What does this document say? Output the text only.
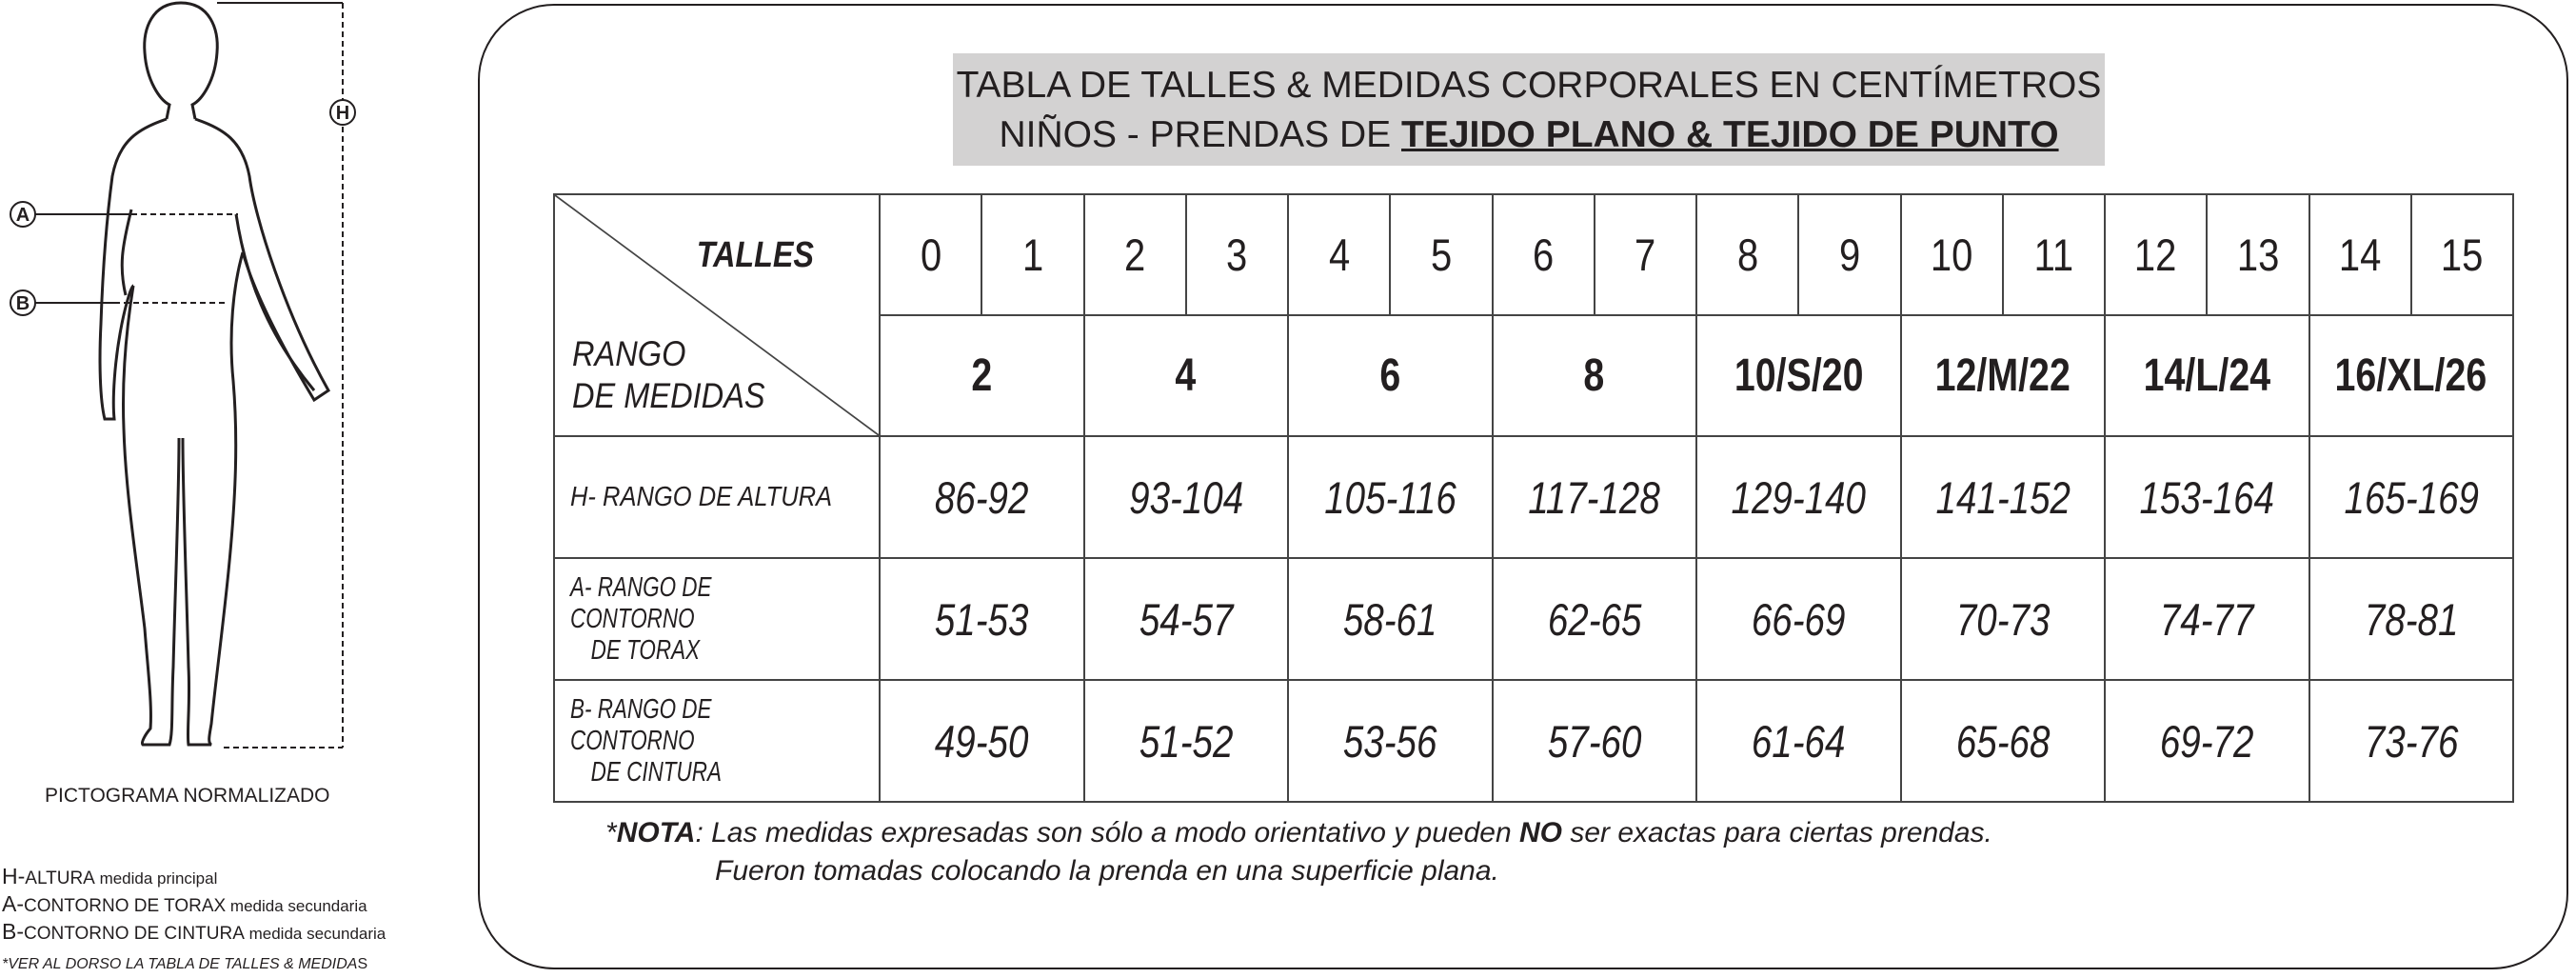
H
A
B
PICTOGRAMA NORMALIZADO
H-ALTURA medida principal
A-CONTORNO DE TORAX medida secundaria
B-CONTORNO DE CINTURA medida secundaria
*VER AL DORSO LA TABLA DE TALLES & MEDIDAS
TABLA DE TALLES & MEDIDAS CORPORALES EN CENTÍMETROS
NIÑOS - PRENDAS DE TEJIDO PLANO & TEJIDO DE PUNTO
TALLES
RANGO
DE MEDIDAS	0	1	2	3	4	5	6	7	8	9	10	11	12	13	14	15
	2		4		6		8		10/S/20		12/M/22		14/L/24		16/XL/26	
H- RANGO DE ALTURA	86-92		93-104		105-116		117-128		129-140		141-152		153-164		165-169	
A- RANGO DE CONTORNO
DE TORAX	51-53		54-57		58-61		62-65		66-69		70-73		74-77		78-81	
B- RANGO DE CONTORNO
DE CINTURA	49-50		51-52		53-56		57-60		61-64		65-68		69-72		73-76	
*NOTA: Las medidas expresadas son sólo a modo orientativo y pueden NO ser exactas para ciertas prendas.
Fueron tomadas colocando la prenda en una superficie plana.
